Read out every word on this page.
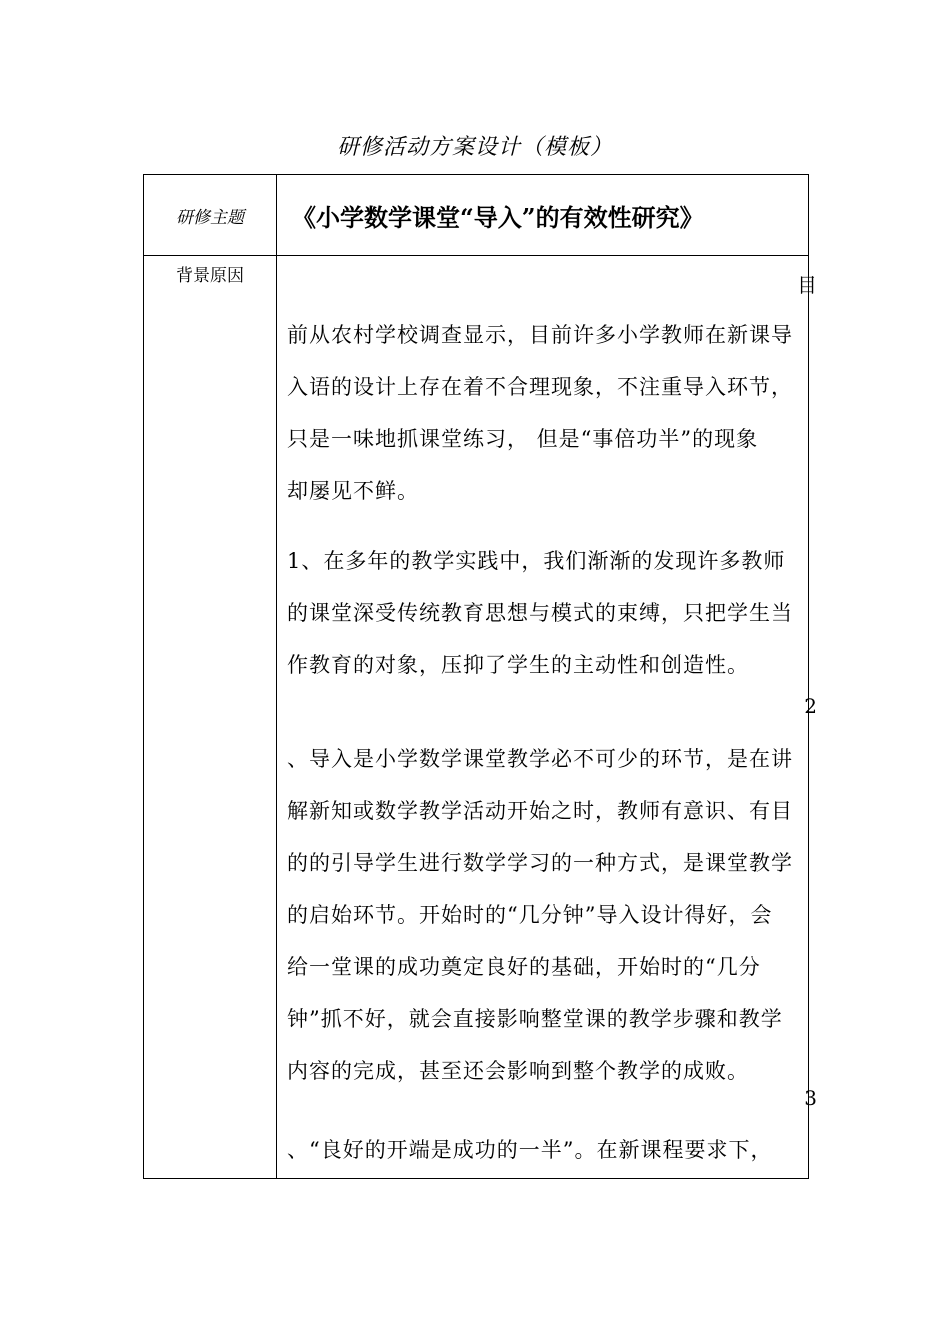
研修活动方案设计（模板）
研修主题	《小学数学课堂“导入”的有效性研究》
背景原因	目
前从农村学校调查显示，目前许多小学教师在新课导
入语的设计上存在着不合理现象，不注重导入环节，
只是一味地抓课堂练习， 但是“事倍功半”的现象
却屡见不鲜。
1、在多年的教学实践中，我们渐渐的发现许多教师
的课堂深受传统教育思想与模式的束缚，只把学生当
作教育的对象，压抑了学生的主动性和创造性。
2
、导入是小学数学课堂教学必不可少的环节，是在讲
解新知或数学教学活动开始之时，教师有意识、有目
的的引导学生进行数学学习的一种方式，是课堂教学
的启始环节。开始时的“几分钟”导入设计得好，会
给一堂课的成功奠定良好的基础，开始时的“几分
钟”抓不好，就会直接影响整堂课的教学步骤和教学
内容的完成，甚至还会影响到整个教学的成败。
3
、“良好的开端是成功的一半”。在新课程要求下，
